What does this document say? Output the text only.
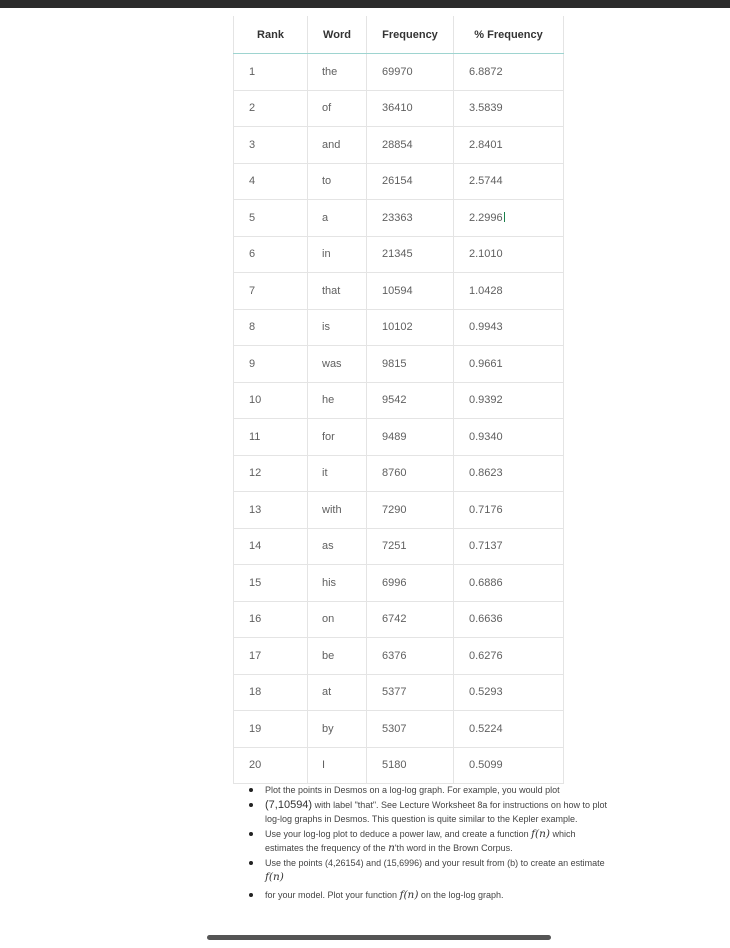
Rank	Word	Frequency	% Frequency
1	the	69970	6.8872
2	of	36410	3.5839
3	and	28854	2.8401
4	to	26154	2.5744
5	a	23363	2.2996
6	in	21345	2.1010
7	that	10594	1.0428
8	is	10102	0.9943
9	was	9815	0.9661
10	he	9542	0.9392
11	for	9489	0.9340
12	it	8760	0.8623
13	with	7290	0.7176
14	as	7251	0.7137
15	his	6996	0.6886
16	on	6742	0.6636
17	be	6376	0.6276
18	at	5377	0.5293
19	by	5307	0.5224
20	I	5180	0.5099
Plot the points in Desmos on a log-log graph. For example, you would plot
(7,10594) with label "that". See Lecture Worksheet 8a for instructions on how to plot log-log graphs in Desmos. This question is quite similar to the Kepler example.
Use your log-log plot to deduce a power law, and create a function f(n) which estimates the frequency of the n'th word in the Brown Corpus.
Use the points (4,26154) and (15,6996) and your result from (b) to create an estimate f(n)
for your model. Plot your function f(n) on the log-log graph.
